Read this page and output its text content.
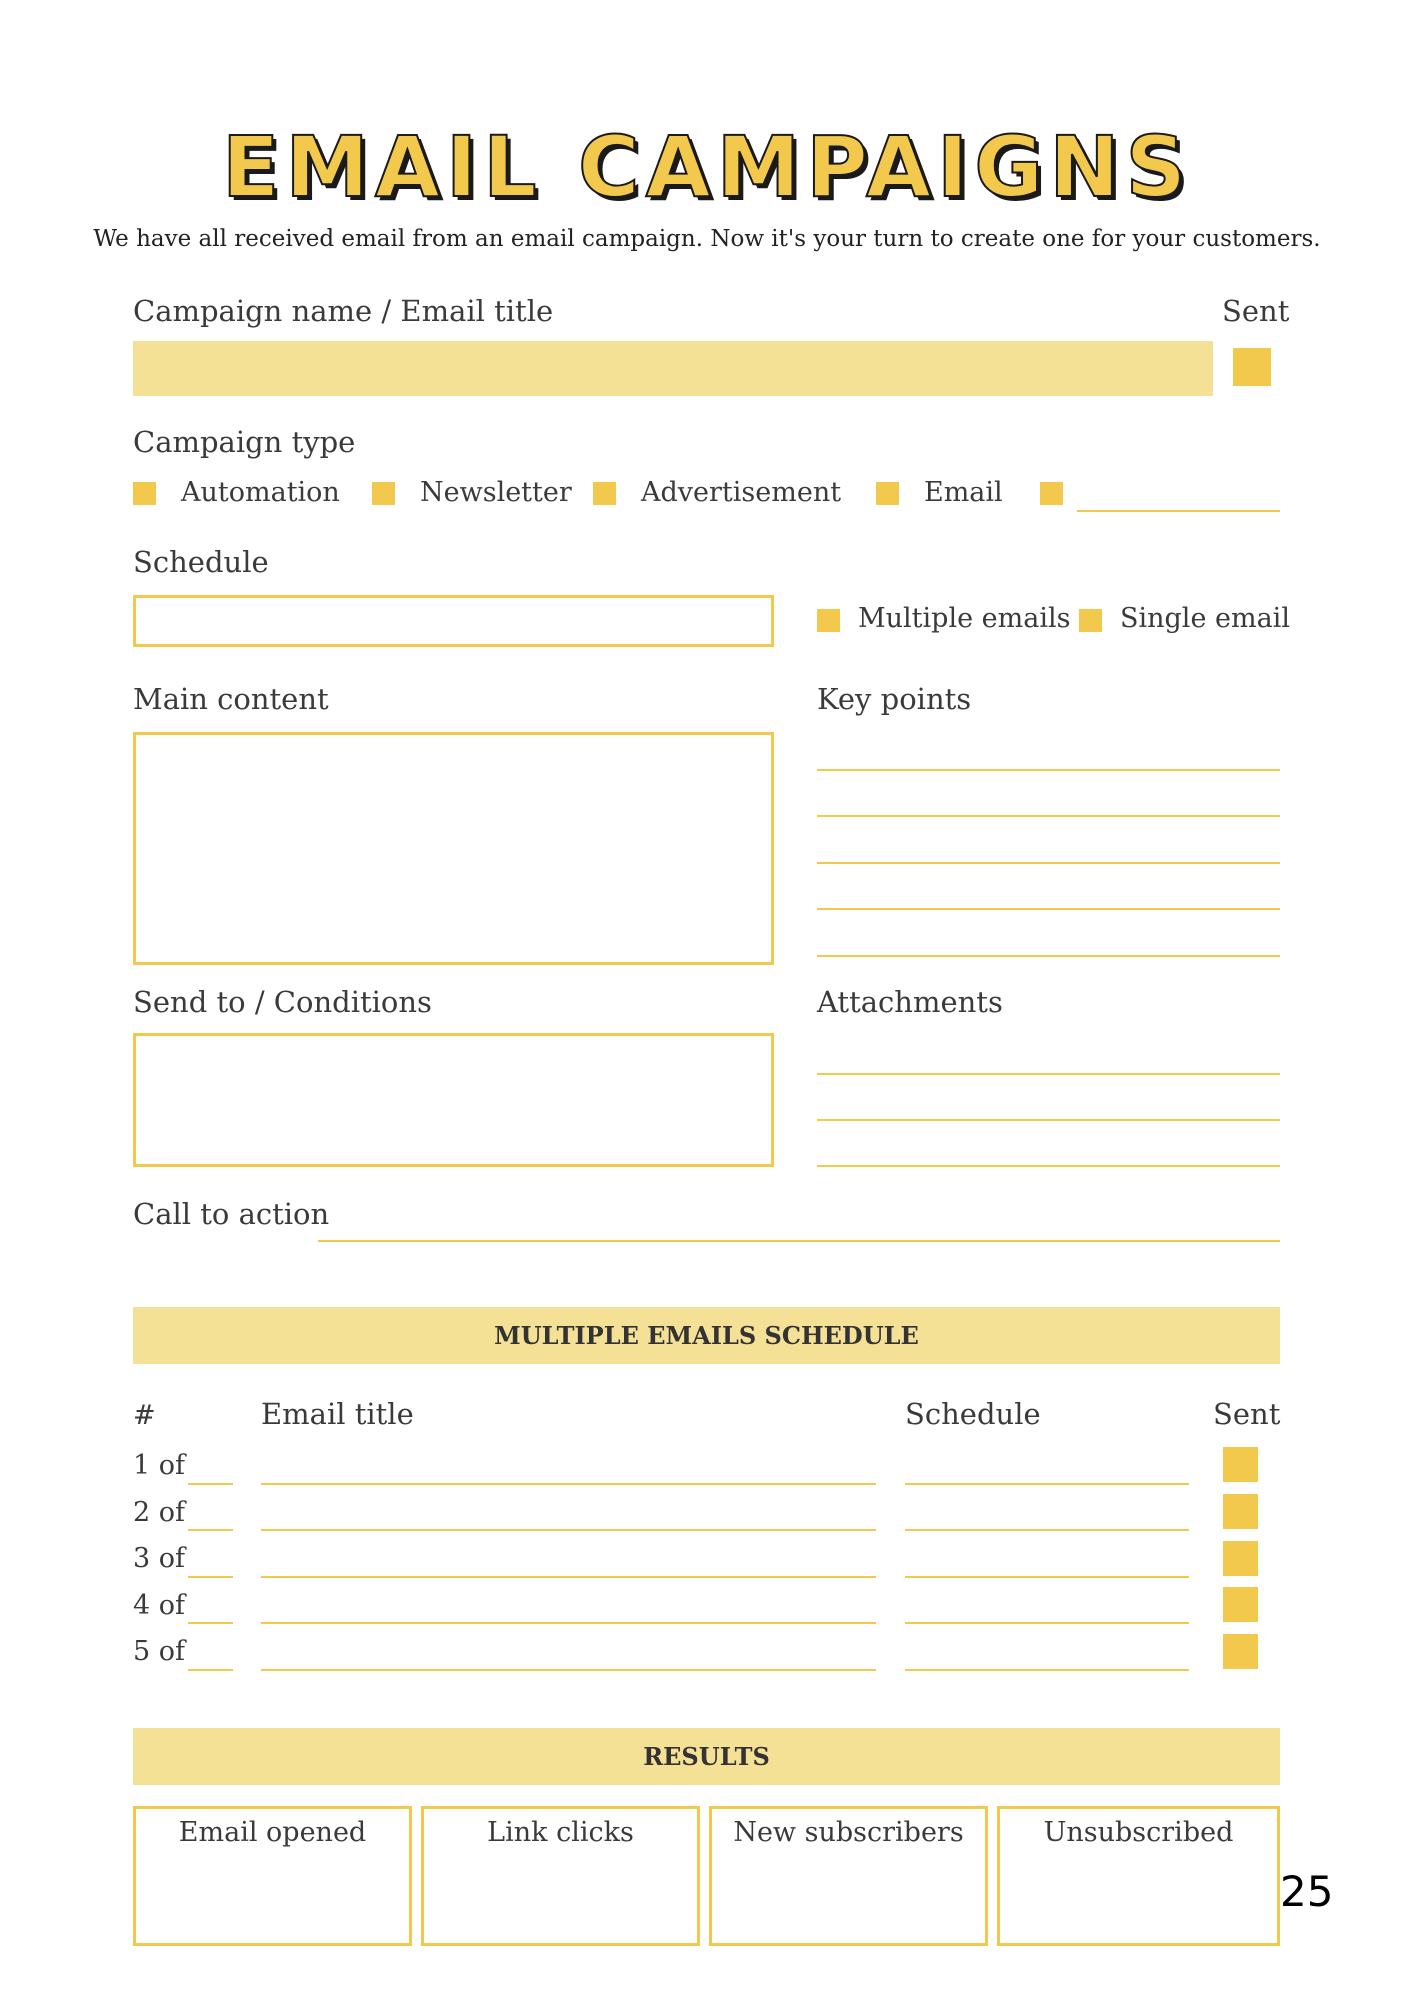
EMAIL CAMPAIGNS
We have all received email from an email campaign. Now it's your turn to create one for your customers.
Campaign name / Email title	Sent
Campaign type
Automation	Newsletter	Advertisement	Email
Schedule
Multiple emails Single email
Main content	Key points
Send to / Conditions	Attachments
Call to action
MULTIPLE EMAILS SCHEDULE
#	Email title	Schedule	Sent
1 of
2 of
3 of
4 of
5 of
RESULTS
Email opened	Link clicks	New subscribers	Unsubscribed
25
